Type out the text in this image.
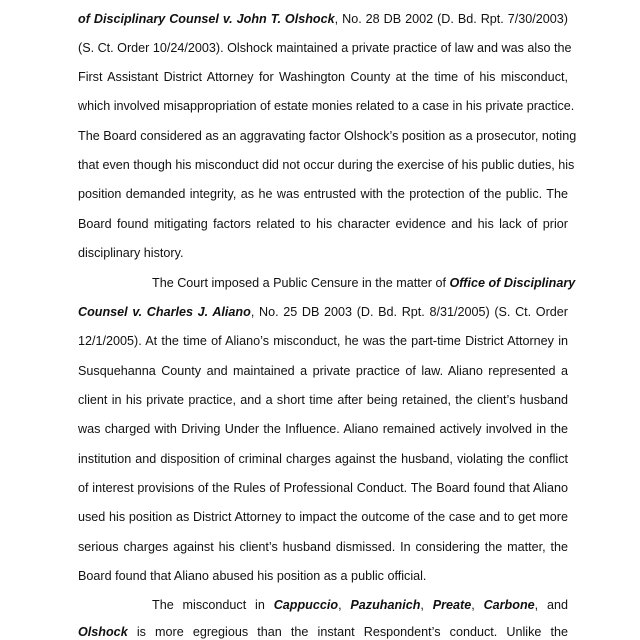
of Disciplinary Counsel v. John T. Olshock, No. 28 DB 2002 (D. Bd. Rpt. 7/30/2003)
(S. Ct. Order 10/24/2003). Olshock maintained a private practice of law and was also the
First Assistant District Attorney for Washington County at the time of his misconduct,
which involved misappropriation of estate monies related to a case in his private practice.
The Board considered as an aggravating factor Olshock’s position as a prosecutor, noting
that even though his misconduct did not occur during the exercise of his public duties, his
position demanded integrity, as he was entrusted with the protection of the public. The
Board found mitigating factors related to his character evidence and his lack of prior
disciplinary history.
The Court imposed a Public Censure in the matter of Office of Disciplinary
Counsel v. Charles J. Aliano, No. 25 DB 2003 (D. Bd. Rpt. 8/31/2005) (S. Ct. Order
12/1/2005). At the time of Aliano’s misconduct, he was the part-time District Attorney in
Susquehanna County and maintained a private practice of law. Aliano represented a
client in his private practice, and a short time after being retained, the client’s husband
was charged with Driving Under the Influence. Aliano remained actively involved in the
institution and disposition of criminal charges against the husband, violating the conflict
of interest provisions of the Rules of Professional Conduct. The Board found that Aliano
used his position as District Attorney to impact the outcome of the case and to get more
serious charges against his client’s husband dismissed. In considering the matter, the
Board found that Aliano abused his position as a public official.
The misconduct in Cappuccio, Pazuhanich, Preate, Carbone, and
Olshock is more egregious than the instant Respondent’s conduct. Unlike the
